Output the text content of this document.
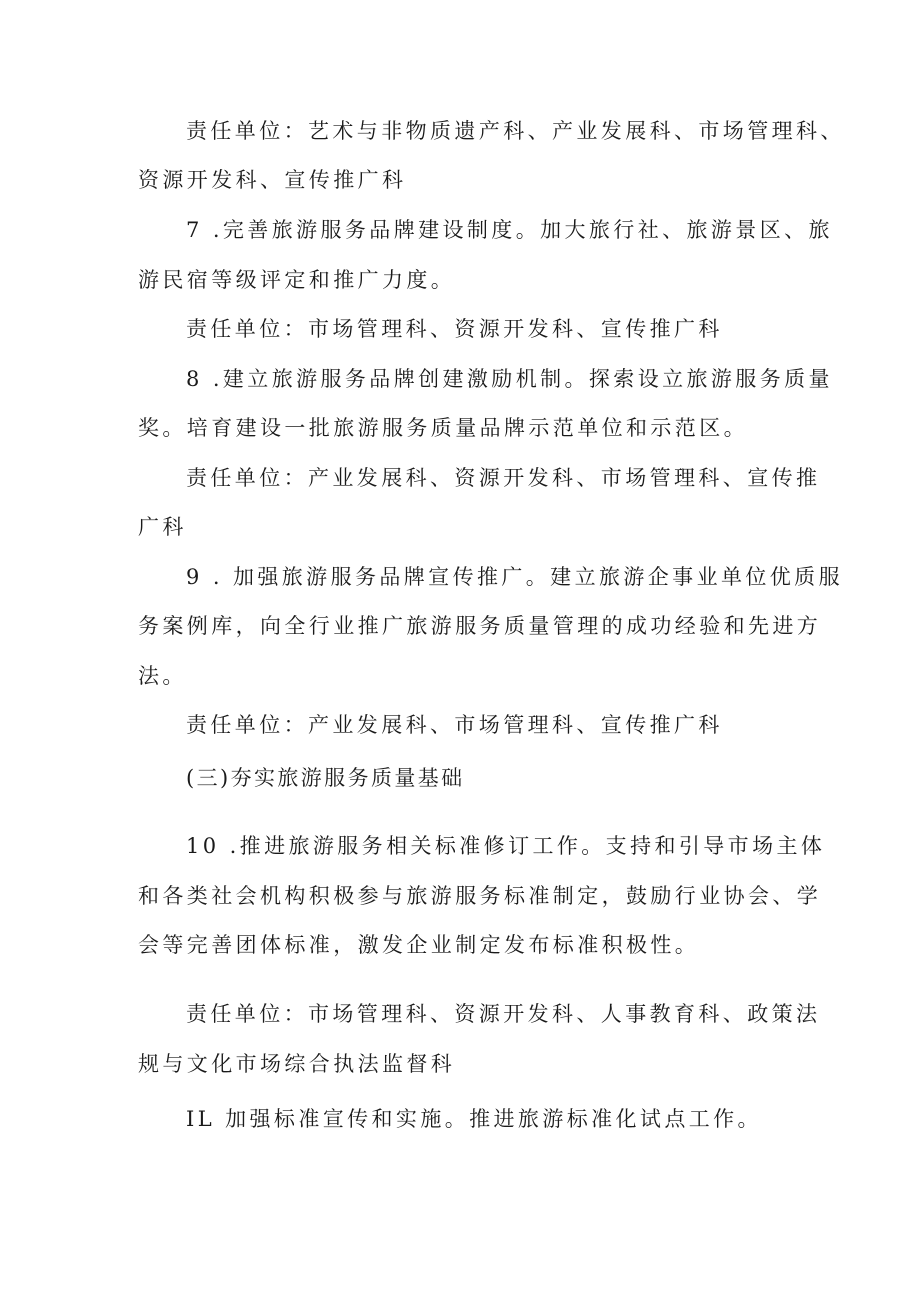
责任单位：艺术与非物质遗产科、产业发展科、市场管理科、
资源开发科、宣传推广科
7 .完善旅游服务品牌建设制度。加大旅行社、旅游景区、旅
游民宿等级评定和推广力度。
责任单位：市场管理科、资源开发科、宣传推广科
8 .建立旅游服务品牌创建激励机制。探索设立旅游服务质量
奖。培育建设一批旅游服务质量品牌示范单位和示范区。
责任单位：产业发展科、资源开发科、市场管理科、宣传推
广科
9 . 加强旅游服务品牌宣传推广。建立旅游企事业单位优质服
务案例库，向全行业推广旅游服务质量管理的成功经验和先进方
法。
责任单位：产业发展科、市场管理科、宣传推广科
(三)夯实旅游服务质量基础
10 .推进旅游服务相关标准修订工作。支持和引导市场主体
和各类社会机构积极参与旅游服务标准制定，鼓励行业协会、学
会等完善团体标准，激发企业制定发布标准积极性。
责任单位：市场管理科、资源开发科、人事教育科、政策法
规与文化市场综合执法监督科
IL 加强标准宣传和实施。推进旅游标准化试点工作。
